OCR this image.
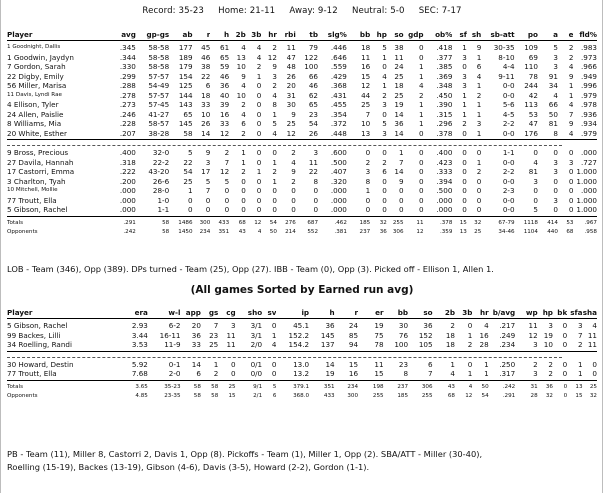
Record: 35-23     Home: 21-11     Away: 9-12     Neutral: 5-0     SEC: 7-17
Player	avg	gp-gs	ab	r	h	2b	3b	hr	rbi	tb	slg%	bb	hp	so	gdp	ob%	sf	sh	sb-att	po	a	e	fld%
1 Goodnight, Dallis	.345	58-58	177	45	61	4	4	2	11	79	.446	18	5	38	0	.418	1	9	30-35	109	5	2	.983
1 Goodwin, Jaydyn	.344	58-58	189	46	65	13	4	12	47	122	.646	11	1	11	0	.377	3	1	8-10	69	3	2	.973
7 Gordon, Sarah	.330	58-58	179	38	59	10	2	9	48	100	.559	16	0	24	1	.385	0	6	4-4	110	3	4	.966
22 Digby, Emily	.299	57-57	154	22	46	9	1	3	26	66	.429	15	4	25	1	.369	3	4	9-11	78	91	9	.949
56 Miller, Marisa	.288	54-49	125	6	36	4	0	2	20	46	.368	12	1	18	4	.348	3	1	0-0	244	34	1	.996
11 Davis, Lyndi Rae	.278	57-57	144	18	40	10	0	4	31	62	.431	44	2	25	2	.450	1	2	0-0	42	4	1	.979
4 Ellison, Tyler	.273	57-45	143	33	39	2	0	8	30	65	.455	25	3	19	1	.390	1	1	5-6	113	66	4	.978
24 Allen, Paislie	.246	41-27	65	10	16	4	0	1	9	23	.354	7	0	14	1	.315	1	1	4-5	53	50	7	.936
8 Williams, Mia	.228	58-57	145	26	33	6	0	5	25	54	.372	10	5	36	1	.296	2	3	2-2	47	81	9	.934
20 White, Esther	.207	38-28	58	14	12	2	0	4	12	26	.448	13	3	14	0	.378	0	1	0-0	176	8	4	.979

9 Bross, Precious	.400	32-0	5	9	2	1	0	0	2	3	.600	0	0	1	0	.400	0	0	1-1	0	0	0	.000
27 Davila, Hannah	.318	22-2	22	3	7	1	0	1	4	11	.500	2	2	7	0	.423	0	1	0-0	4	3	3	.727
17 Castorri, Emma	.222	43-20	54	17	12	2	1	2	9	22	.407	3	6	14	0	.333	0	2	2-2	81	3	0	1.000
3 Charlton, Tyah	.200	26-6	25	5	5	0	0	1	2	8	.320	8	0	9	0	.394	0	0	0-0	3	0	0	1.000
10 Mitchell, Mollie	.000	28-0	1	7	0	0	0	0	0	0	.000	1	0	0	0	.500	0	0	2-3	0	0	0	.000
77 Troutt, Ella	.000	1-0	0	0	0	0	0	0	0	0	.000	0	0	0	0	.000	0	0	0-0	0	3	0	1.000
5 Gibson, Rachel	.000	1-1	0	0	0	0	0	0	0	0	.000	0	0	0	0	.000	0	0	0-0	5	0	0	1.000
Totals	.291	58	1486	300	433	68	12	54	276	687	.462	185	32	255	11	.378	15	32	67-79	1118	414	53	.967
Opponents	.242	58	1450	234	351	43	4	50	214	552	.381	237	36	306	12	.359	13	25	34-46	1104	440	68	.958
LOB - Team (346), Opp (389). DPs turned - Team (25), Opp (27). IBB - Team (0), Opp (3). Picked off - Ellison 1, Allen 1.
(All games Sorted by Earned run avg)
Player	era	w-l	app	gs	cg	sho	sv	ip	h	r	er	bb	so	2b	3b	hr	b/avg	wp	hp	bk	sfa	sha
5 Gibson, Rachel	2.93	6-2	20	7	3	3/1	0	45.1	36	24	19	30	36	2	0	4	.217	11	3	0	3	4
99 Backes, Lilli	3.44	16-11	36	23	11	3/1	1	152.2	145	85	75	76	152	18	1	16	.249	12	19	0	7	11
34 Roelling, Randi	3.53	11-9	33	25	11	2/0	4	154.2	137	94	78	100	105	18	2	28	.234	3	10	0	2	11

30 Howard, Destin	5.92	0-1	14	1	0	0/1	0	13.0	14	15	11	23	6	1	0	1	.250	2	2	0	1	0
77 Troutt, Ella	7.68	2-0	6	2	0	0/0	0	13.2	19	16	15	8	7	4	1	1	.317	3	2	0	1	0
Totals	3.65	35-23	58	58	25	9/1	5	379.1	351	234	198	237	306	43	4	50	.242	31	36	0	13	25
Opponents	4.85	23-35	58	58	15	2/1	6	368.0	433	300	255	185	255	68	12	54	.291	28	32	0	15	32
PB - Team (11), Miller 8, Castorri 2, Davis 1, Opp (8). Pickoffs - Team (1), Miller 1, Opp (2). SBA/ATT - Miller (30-40),
Roelling (15-19), Backes (13-19), Gibson (4-6), Davis (3-5), Howard (2-2), Gordon (1-1).
